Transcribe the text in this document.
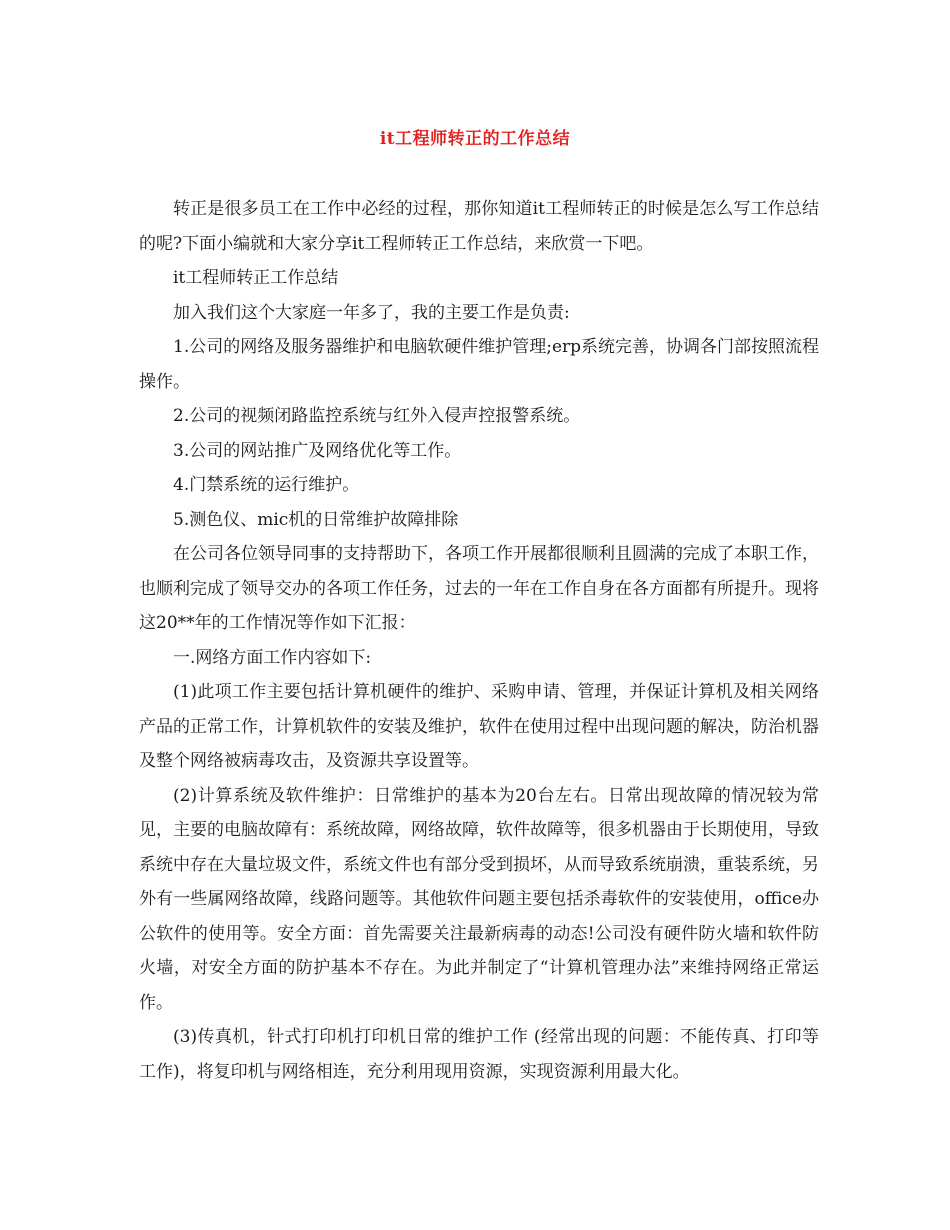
it工程师转正的工作总结

转正是很多员工在工作中必经的过程，那你知道it工程师转正的时候是怎么写工作总结的呢?下面小编就和大家分享it工程师转正工作总结，来欣赏一下吧。

it工程师转正工作总结

加入我们这个大家庭一年多了，我的主要工作是负责:

1.公司的网络及服务器维护和电脑软硬件维护管理;erp系统完善，协调各门部按照流程操作。

2.公司的视频闭路监控系统与红外入侵声控报警系统。

3.公司的网站推广及网络优化等工作。

4.门禁系统的运行维护。

5.测色仪、mic机的日常维护故障排除

在公司各位领导同事的支持帮助下，各项工作开展都很顺利且圆满的完成了本职工作，也顺利完成了领导交办的各项工作任务，过去的一年在工作自身在各方面都有所提升。现将这20**年的工作情况等作如下汇报：

一.网络方面工作内容如下:

(1)此项工作主要包括计算机硬件的维护、采购申请、管理，并保证计算机及相关网络产品的正常工作，计算机软件的安装及维护，软件在使用过程中出现问题的解决，防治机器及整个网络被病毒攻击，及资源共享设置等。

(2)计算系统及软件维护：日常维护的基本为20台左右。日常出现故障的情况较为常见，主要的电脑故障有：系统故障，网络故障，软件故障等，很多机器由于长期使用，导致系统中存在大量垃圾文件，系统文件也有部分受到损坏，从而导致系统崩溃，重装系统，另外有一些属网络故障，线路问题等。其他软件问题主要包括杀毒软件的安装使用，office办公软件的使用等。安全方面：首先需要关注最新病毒的动态!公司没有硬件防火墙和软件防火墙，对安全方面的防护基本不存在。为此并制定了“计算机管理办法”来维持网络正常运作。

(3)传真机，针式打印机打印机日常的维护工作 (经常出现的问题：不能传真、打印等工作)，将复印机与网络相连，充分利用现用资源，实现资源利用最大化。
